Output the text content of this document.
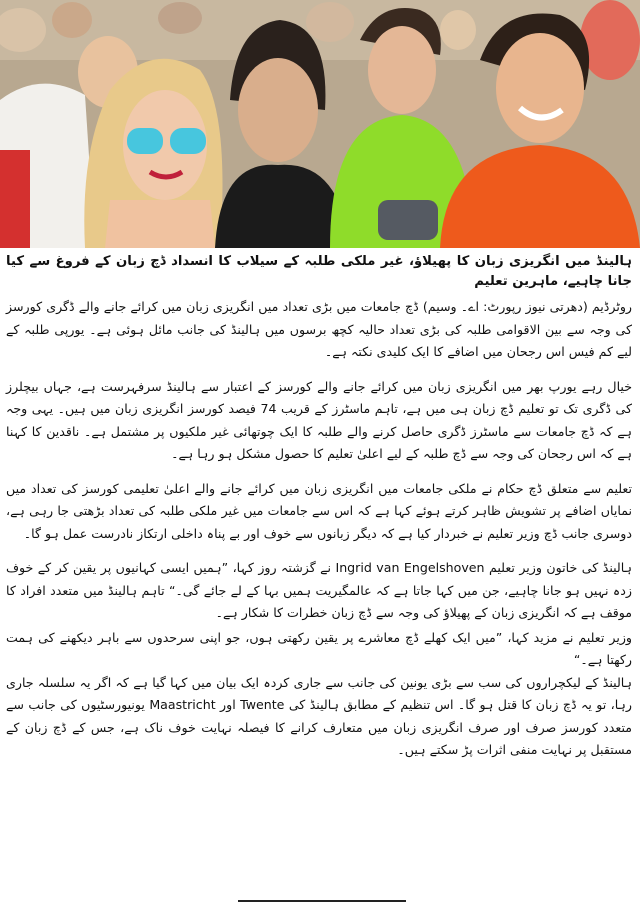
ہالینڈ میں انگریزی زبان کا پھیلاؤ، غیر ملکی طلبہ کے سیلاب کا انسداد ڈچ زبان کے فروغ سے کیا جانا چاہیے، ماہرین تعلیم

روٹرڈیم (دھرتی نیوز رپورٹ: اے۔ وسیم) ڈچ جامعات میں بڑی تعداد میں انگریزی زبان میں کرائے جانے والے ڈگری کورسز کی وجہ سے بین الاقوامی طلبہ کی بڑی تعداد حالیہ کچھ برسوں میں ہالینڈ کی جانب مائل ہوئی ہے۔ یورپی طلبہ کے لیے کم فیس اس رجحان میں اضافے کا ایک کلیدی نکتہ ہے۔

خیال رہے یورپ بھر میں انگریزی زبان میں کرائے جانے والے کورسز کے اعتبار سے ہالینڈ سرفہرست ہے، جہاں بیچلرز کی ڈگری تک تو تعلیم ڈچ زبان ہی میں ہے، تاہم ماسٹرز کے قریب 74 فیصد کورسز انگریزی زبان میں ہیں۔ یہی وجہ ہے کہ ڈچ جامعات سے ماسٹرز ڈگری حاصل کرنے والے طلبہ کا ایک چوتھائی غیر ملکیوں پر مشتمل ہے۔ ناقدین کا کہنا ہے کہ اس رجحان کی وجہ سے ڈچ طلبہ کے لیے اعلیٰ تعلیم کا حصول مشکل ہو رہا ہے۔

تعلیم سے متعلق ڈچ حکام نے ملکی جامعات میں انگریزی زبان میں کرائے جانے والے اعلیٰ تعلیمی کورسز کی تعداد میں نمایاں اضافے پر تشویش ظاہر کرتے ہوئے کہا ہے کہ اس سے جامعات میں غیر ملکی طلبہ کی تعداد بڑھتی جا رہی ہے، دوسری جانب ڈچ وزیر تعلیم نے خبردار کیا ہے کہ دیگر زبانوں سے خوف اور بے پناہ داخلی ارتکاز نادرست عمل ہو گا۔

ہالینڈ کی خاتون وزیر تعلیم Ingrid van Engelshoven نے گزشتہ روز کہا، ”ہمیں ایسی کہانیوں پر یقین کر کے خوف زدہ نہیں ہو جانا چاہیے، جن میں کہا جاتا ہے کہ عالمگیریت ہمیں بہا کے لے جائے گی۔“ تاہم ہالینڈ میں متعدد افراد کا موقف ہے کہ انگریزی زبان کے پھیلاؤ کی وجہ سے ڈچ زبان خطرات کا شکار ہے۔

وزیر تعلیم نے مزید کہا، ”میں ایک کھلے ڈچ معاشرے پر یقین رکھتی ہوں، جو اپنی سرحدوں سے باہر دیکھنے کی ہمت رکھتا ہے۔“

ہالینڈ کے لیکچراروں کی سب سے بڑی یونین کی جانب سے جاری کردہ ایک بیان میں کہا گیا ہے کہ اگر یہ سلسلہ جاری رہا، تو یہ ڈچ زبان کا قتل ہو گا۔ اس تنظیم کے مطابق ہالینڈ کی Twente اور Maastricht یونیورسٹیوں کی جانب سے متعدد کورسز صرف اور صرف انگریزی زبان میں متعارف کرانے کا فیصلہ نہایت خوف ناک ہے، جس کے ڈچ زبان کے مستقبل پر نہایت منفی اثرات پڑ سکتے ہیں۔
